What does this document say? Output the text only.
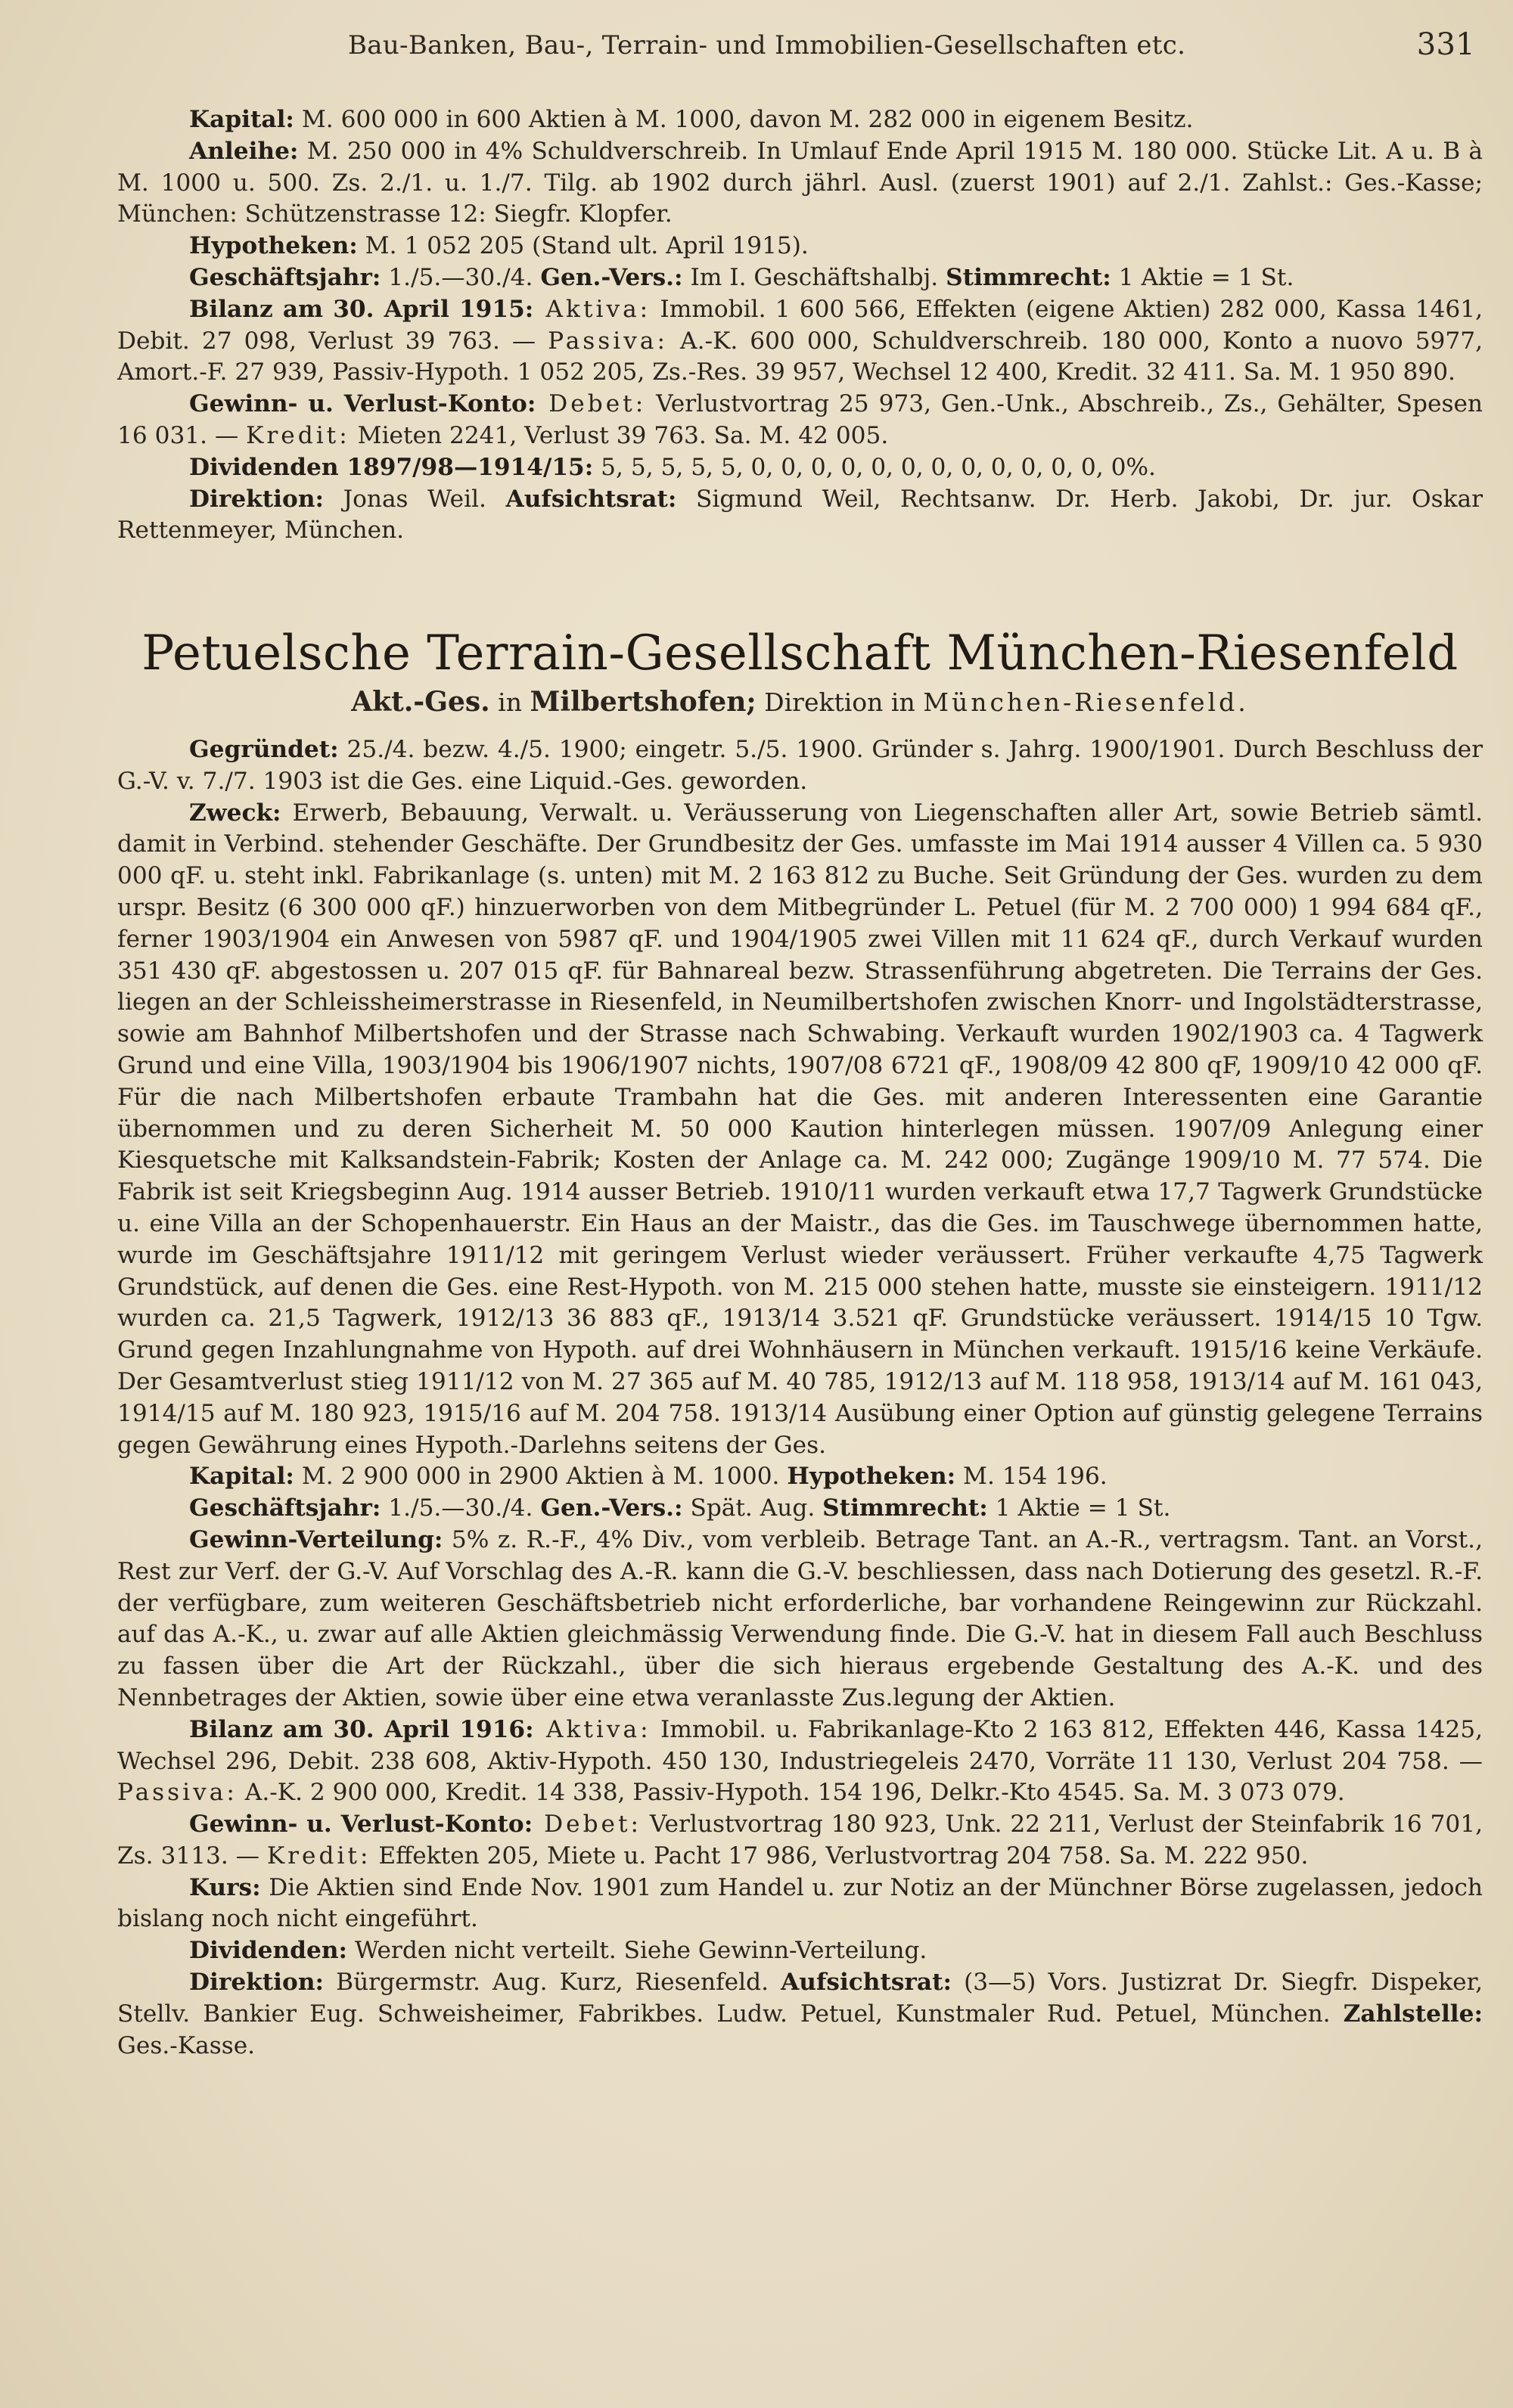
Bau-Banken, Bau-, Terrain- und Immobilien-Gesellschaften etc.	331

Kapital: M. 600 000 in 600 Aktien à M. 1000, davon M. 282 000 in eigenem Besitz.

Anleihe: M. 250 000 in 4% Schuldverschreib. In Umlauf Ende April 1915 M. 180 000. Stücke Lit. A u. B à M. 1000 u. 500. Zs. 2./1. u. 1./7. Tilg. ab 1902 durch jährl. Ausl. (zuerst 1901) auf 2./1. Zahlst.: Ges.-Kasse; München: Schützenstrasse 12: Siegfr. Klopfer.

Hypotheken: M. 1 052 205 (Stand ult. April 1915).

Geschäftsjahr: 1./5.—30./4. Gen.-Vers.: Im I. Geschäftshalbj. Stimmrecht: 1 Aktie = 1 St.

Bilanz am 30. April 1915: Aktiva: Immobil. 1 600 566, Effekten (eigene Aktien) 282 000, Kassa 1461, Debit. 27 098, Verlust 39 763. — Passiva: A.-K. 600 000, Schuldverschreib. 180 000, Konto a nuovo 5977, Amort.-F. 27 939, Passiv-Hypoth. 1 052 205, Zs.-Res. 39 957, Wechsel 12 400, Kredit. 32 411. Sa. M. 1 950 890.

Gewinn- u. Verlust-Konto: Debet: Verlustvortrag 25 973, Gen.-Unk., Abschreib., Zs., Gehälter, Spesen 16 031. — Kredit: Mieten 2241, Verlust 39 763. Sa. M. 42 005.

Dividenden 1897/98—1914/15: 5, 5, 5, 5, 5, 0, 0, 0, 0, 0, 0, 0, 0, 0, 0, 0, 0, 0%.

Direktion: Jonas Weil. Aufsichtsrat: Sigmund Weil, Rechtsanw. Dr. Herb. Jakobi, Dr. jur. Oskar Rettenmeyer, München.

Petuelsche Terrain-Gesellschaft München-Riesenfeld
Akt.-Ges. in Milbertshofen; Direktion in München-Riesenfeld.

Gegründet: 25./4. bezw. 4./5. 1900; eingetr. 5./5. 1900. Gründer s. Jahrg. 1900/1901. Durch Beschluss der G.-V. v. 7./7. 1903 ist die Ges. eine Liquid.-Ges. geworden.

Zweck: Erwerb, Bebauung, Verwalt. u. Veräusserung von Liegenschaften aller Art, sowie Betrieb sämtl. damit in Verbind. stehender Geschäfte. Der Grundbesitz der Ges. umfasste im Mai 1914 ausser 4 Villen ca. 5 930 000 qF. u. steht inkl. Fabrikanlage (s. unten) mit M. 2 163 812 zu Buche. Seit Gründung der Ges. wurden zu dem urspr. Besitz (6 300 000 qF.) hinzuerworben von dem Mitbegründer L. Petuel (für M. 2 700 000) 1 994 684 qF., ferner 1903/1904 ein Anwesen von 5987 qF. und 1904/1905 zwei Villen mit 11 624 qF., durch Verkauf wurden 351 430 qF. abgestossen u. 207 015 qF. für Bahnareal bezw. Strassenführung abgetreten. Die Terrains der Ges. liegen an der Schleissheimerstrasse in Riesenfeld, in Neumilbertshofen zwischen Knorr- und Ingolstädterstrasse, sowie am Bahnhof Milbertshofen und der Strasse nach Schwabing. Verkauft wurden 1902/1903 ca. 4 Tagwerk Grund und eine Villa, 1903/1904 bis 1906/1907 nichts, 1907/08 6721 qF., 1908/09 42 800 qF, 1909/10 42 000 qF. Für die nach Milbertshofen erbaute Trambahn hat die Ges. mit anderen Interessenten eine Garantie übernommen und zu deren Sicherheit M. 50 000 Kaution hinterlegen müssen. 1907/09 Anlegung einer Kiesquetsche mit Kalksandstein-Fabrik; Kosten der Anlage ca. M. 242 000; Zugänge 1909/10 M. 77 574. Die Fabrik ist seit Kriegsbeginn Aug. 1914 ausser Betrieb. 1910/11 wurden verkauft etwa 17,7 Tagwerk Grundstücke u. eine Villa an der Schopenhauerstr. Ein Haus an der Maistr., das die Ges. im Tauschwege übernommen hatte, wurde im Geschäftsjahre 1911/12 mit geringem Verlust wieder veräussert. Früher verkaufte 4,75 Tagwerk Grundstück, auf denen die Ges. eine Rest-Hypoth. von M. 215 000 stehen hatte, musste sie einsteigern. 1911/12 wurden ca. 21,5 Tagwerk, 1912/13 36 883 qF., 1913/14 3.521 qF. Grundstücke veräussert. 1914/15 10 Tgw. Grund gegen Inzahlungnahme von Hypoth. auf drei Wohnhäusern in München verkauft. 1915/16 keine Verkäufe. Der Gesamtverlust stieg 1911/12 von M. 27 365 auf M. 40 785, 1912/13 auf M. 118 958, 1913/14 auf M. 161 043, 1914/15 auf M. 180 923, 1915/16 auf M. 204 758. 1913/14 Ausübung einer Option auf günstig gelegene Terrains gegen Gewährung eines Hypoth.-Darlehns seitens der Ges.

Kapital: M. 2 900 000 in 2900 Aktien à M. 1000. Hypotheken: M. 154 196.

Geschäftsjahr: 1./5.—30./4. Gen.-Vers.: Spät. Aug. Stimmrecht: 1 Aktie = 1 St.

Gewinn-Verteilung: 5% z. R.-F., 4% Div., vom verbleib. Betrage Tant. an A.-R., vertragsm. Tant. an Vorst., Rest zur Verf. der G.-V. Auf Vorschlag des A.-R. kann die G.-V. beschliessen, dass nach Dotierung des gesetzl. R.-F. der verfügbare, zum weiteren Geschäftsbetrieb nicht erforderliche, bar vorhandene Reingewinn zur Rückzahl. auf das A.-K., u. zwar auf alle Aktien gleichmässig Verwendung finde. Die G.-V. hat in diesem Fall auch Beschluss zu fassen über die Art der Rückzahl., über die sich hieraus ergebende Gestaltung des A.-K. und des Nennbetrages der Aktien, sowie über eine etwa veranlasste Zus.legung der Aktien.

Bilanz am 30. April 1916: Aktiva: Immobil. u. Fabrikanlage-Kto 2 163 812, Effekten 446, Kassa 1425, Wechsel 296, Debit. 238 608, Aktiv-Hypoth. 450 130, Industriegeleis 2470, Vorräte 11 130, Verlust 204 758. — Passiva: A.-K. 2 900 000, Kredit. 14 338, Passiv-Hypoth. 154 196, Delkr.-Kto 4545. Sa. M. 3 073 079.

Gewinn- u. Verlust-Konto: Debet: Verlustvortrag 180 923, Unk. 22 211, Verlust der Steinfabrik 16 701, Zs. 3113. — Kredit: Effekten 205, Miete u. Pacht 17 986, Verlustvortrag 204 758. Sa. M. 222 950.

Kurs: Die Aktien sind Ende Nov. 1901 zum Handel u. zur Notiz an der Münchner Börse zugelassen, jedoch bislang noch nicht eingeführt.

Dividenden: Werden nicht verteilt. Siehe Gewinn-Verteilung.

Direktion: Bürgermstr. Aug. Kurz, Riesenfeld. Aufsichtsrat: (3—5) Vors. Justizrat Dr. Siegfr. Dispeker, Stellv. Bankier Eug. Schweisheimer, Fabrikbes. Ludw. Petuel, Kunstmaler Rud. Petuel, München. Zahlstelle: Ges.-Kasse.
